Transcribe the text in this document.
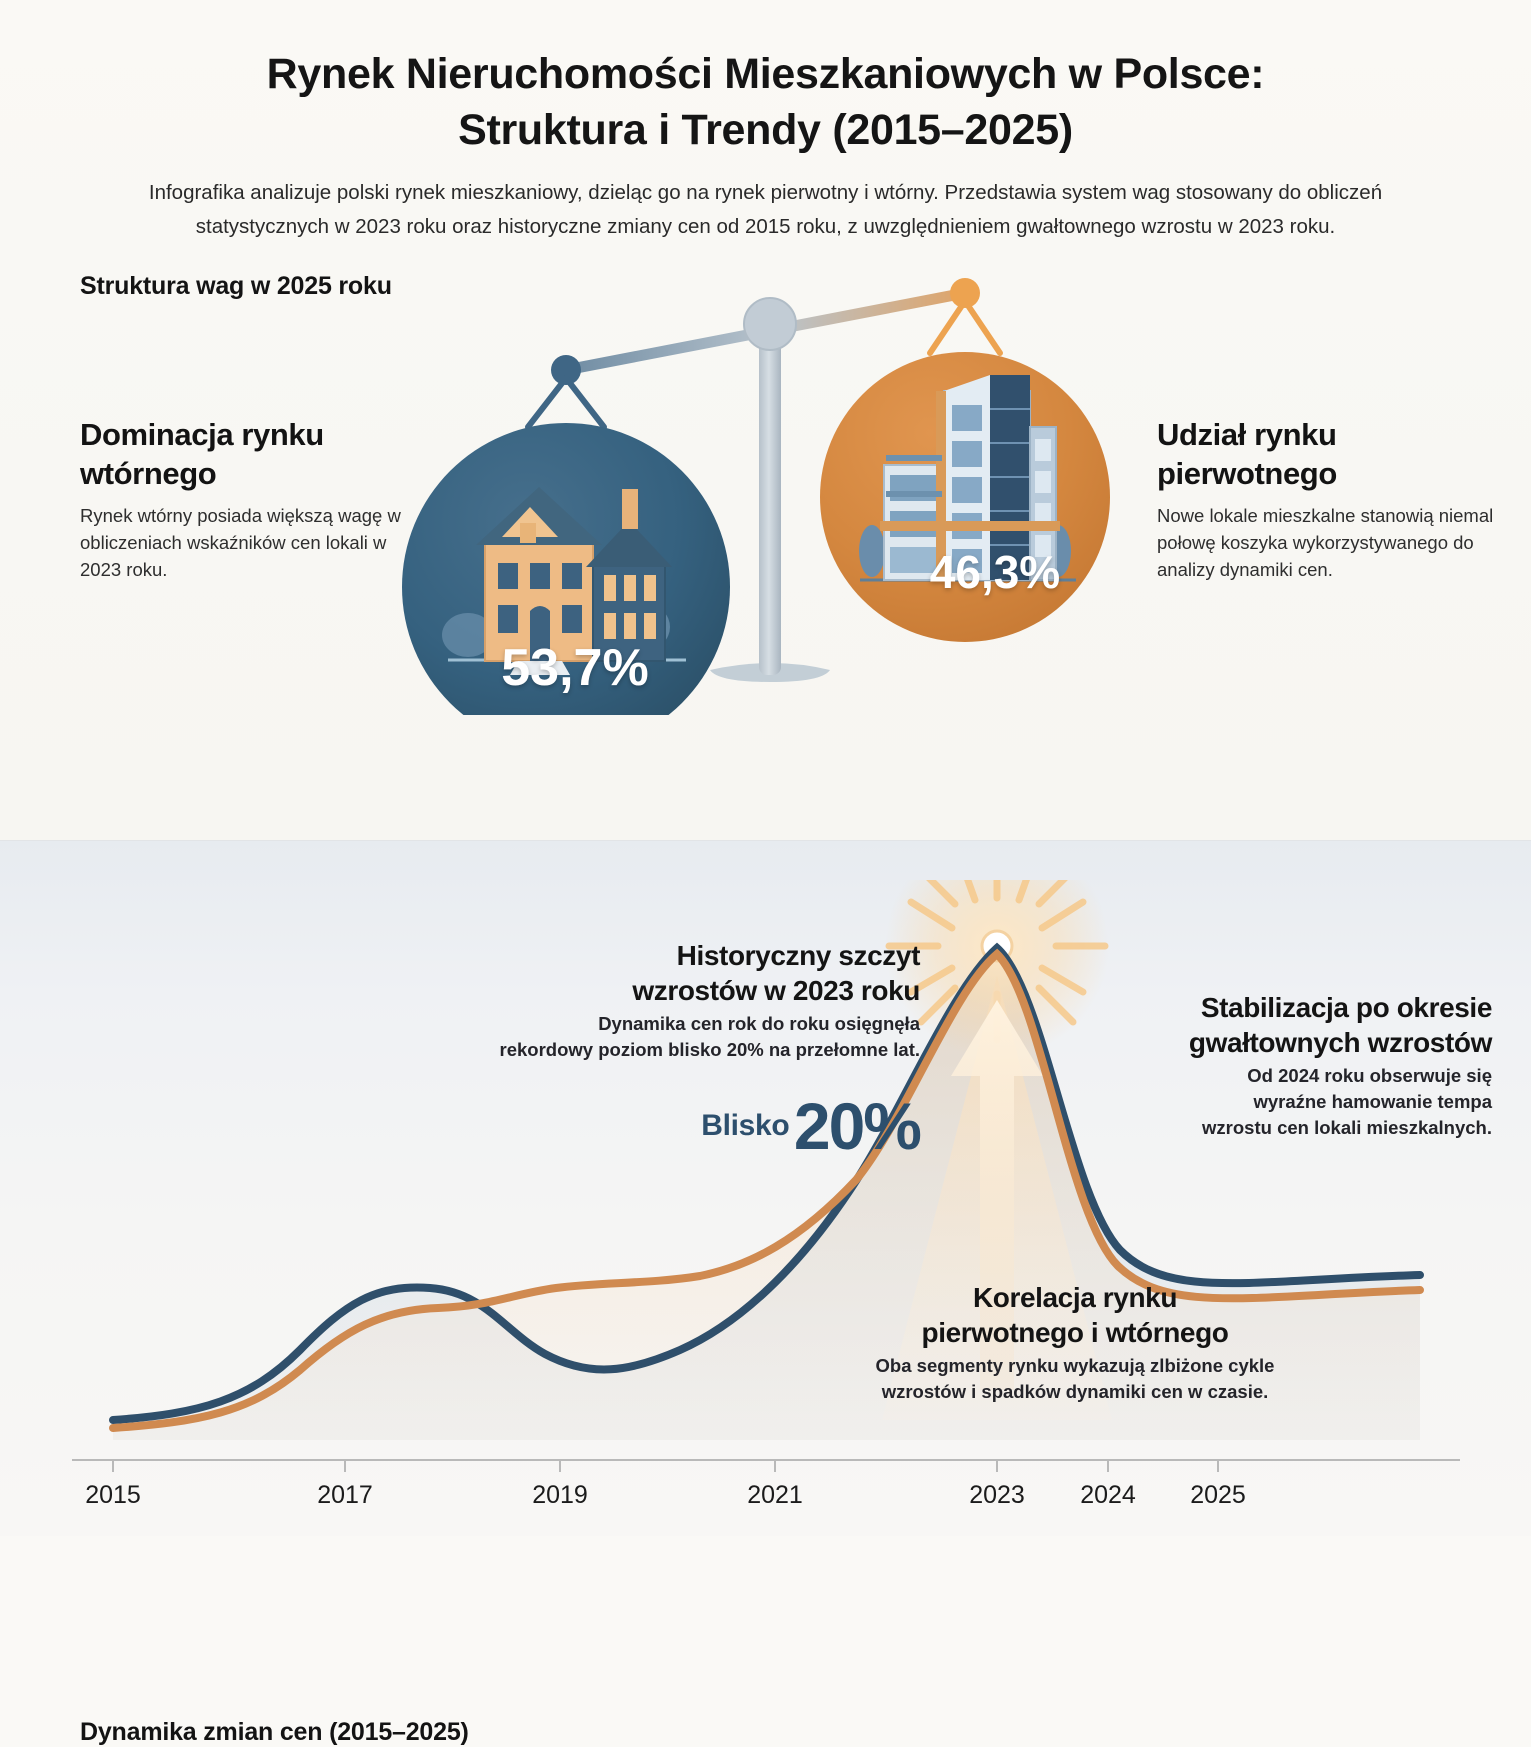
Rynek Nieruchomości Mieszkaniowych w Polsce:
Struktura i Trendy (2015–2025)
Infografika analizuje polski rynek mieszkaniowy, dzieląc go na rynek pierwotny i wtórny. Przedstawia system wag stosowany do obliczeń
statystycznych w 2023 roku oraz historyczne zmiany cen od 2015 roku, z uwzględnieniem gwałtownego wzrostu w 2023 roku.
Struktura wag w 2025 roku
Dominacja rynku wtórnego
Rynek wtórny posiada większą wagę w obliczeniach wskaźników cen lokali w 2023 roku.
Udział rynku pierwotnego
Nowe lokale mieszkalne stanowią niemal połowę koszyka wykorzystywanego do analizy dynamiki cen.
53,7%
46,3%
Dynamika zmian cen (2015–2025)
Historyczny szczyt
wzrostów w 2023 roku
Dynamika cen rok do roku osięgnęła
rekordowy poziom blisko 20% na przełomne lat.
Blisko 20%
Stabilizacja po okresie
gwałtownych wzrostów
Od 2024 roku obserwuje się
wyraźne hamowanie tempa
wzrostu cen lokali mieszkalnych.
Korelacja rynku
pierwotnego i wtórnego
Oba segmenty rynku wykazują zlbiżone cykle
wzrostów i spadków dynamiki cen w czasie.
2015	2017	2019	2021	2023 2024 2025
